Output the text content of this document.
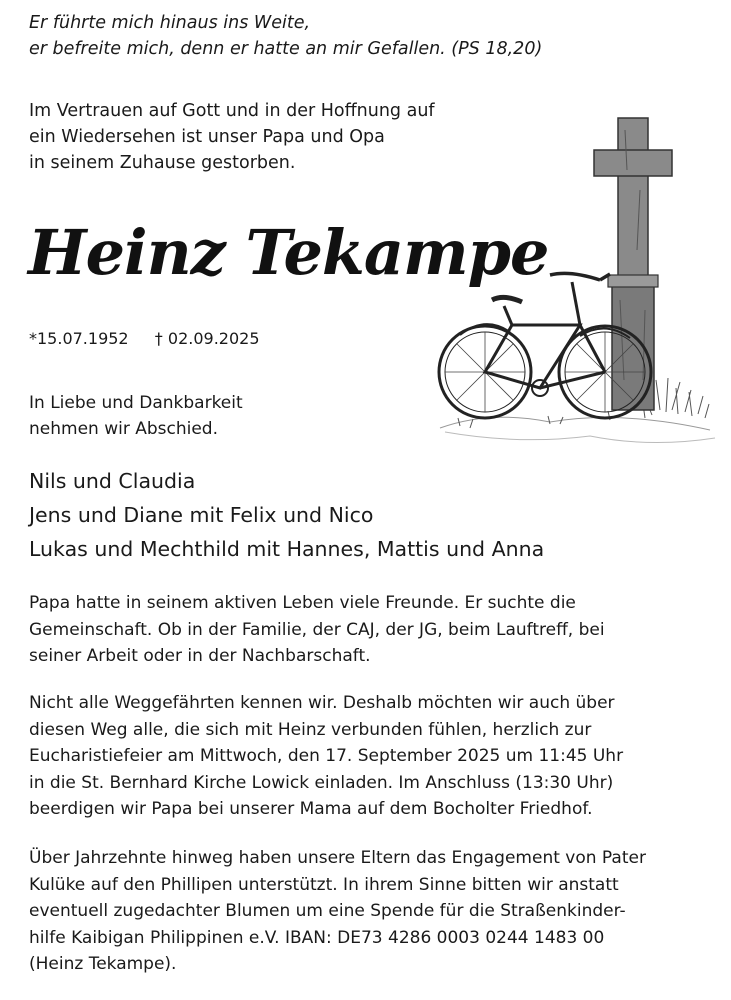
Er führte mich hinaus ins Weite,
er befreite mich, denn er hatte an mir Gefallen. (PS 18,20)
Im Vertrauen auf Gott und in der Hoffnung auf
ein Wiedersehen ist unser Papa und Opa
in seinem Zuhause gestorben.
Heinz Tekampe
*15.07.1952 † 02.09.2025
In Liebe und Dankbarkeit
nehmen wir Abschied.
Nils und Claudia
Jens und Diane mit Felix und Nico
Lukas und Mechthild mit Hannes, Mattis und Anna
Papa hatte in seinem aktiven Leben viele Freunde. Er suchte die
Gemeinschaft. Ob in der Familie, der CAJ, der JG, beim Lauftreff, bei
seiner Arbeit oder in der Nachbarschaft.
Nicht alle Weggefährten kennen wir. Deshalb möchten wir auch über
diesen Weg alle, die sich mit Heinz verbunden fühlen, herzlich zur
Eucharistiefeier am Mittwoch, den 17. September 2025 um 11:45 Uhr
in die St. Bernhard Kirche Lowick einladen. Im Anschluss (13:30 Uhr)
beerdigen wir Papa bei unserer Mama auf dem Bocholter Friedhof.
Über Jahrzehnte hinweg haben unsere Eltern das Engagement von Pater
Kulüke auf den Phillipen unterstützt. In ihrem Sinne bitten wir anstatt
eventuell zugedachter Blumen um eine Spende für die Straßenkinder-
hilfe Kaibigan Philippinen e.V. IBAN: DE73 4286 0003 0244 1483 00
(Heinz Tekampe).
